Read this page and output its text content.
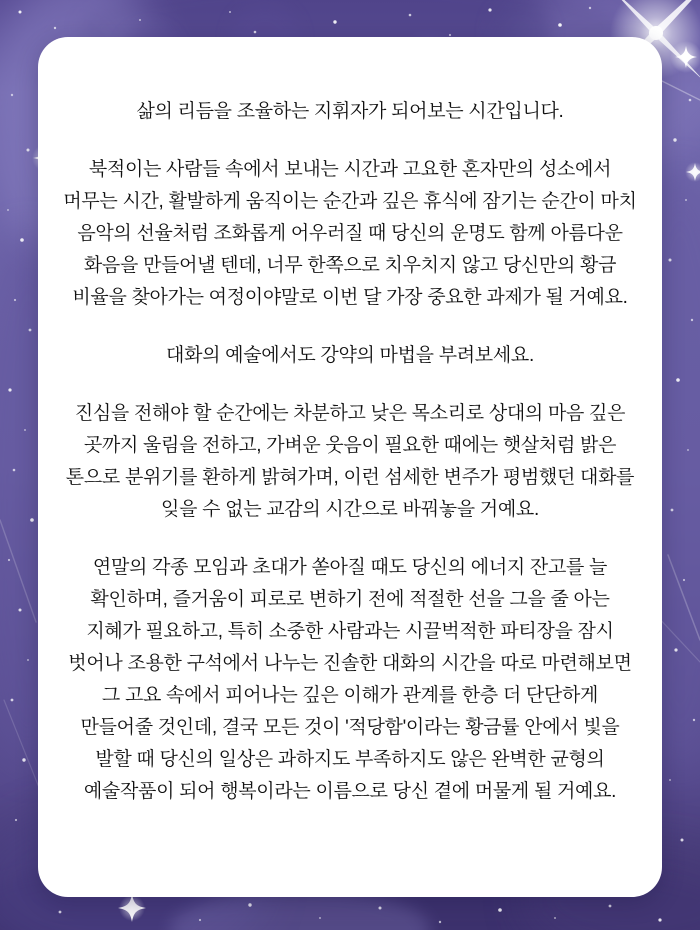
삶의 리듬을 조율하는 지휘자가 되어보는 시간입니다.

북적이는 사람들 속에서 보내는 시간과 고요한 혼자만의 성소에서
머무는 시간, 활발하게 움직이는 순간과 깊은 휴식에 잠기는 순간이 마치
음악의 선율처럼 조화롭게 어우러질 때 당신의 운명도 함께 아름다운
화음을 만들어낼 텐데, 너무 한쪽으로 치우치지 않고 당신만의 황금
비율을 찾아가는 여정이야말로 이번 달 가장 중요한 과제가 될 거예요.

대화의 예술에서도 강약의 마법을 부려보세요.

진심을 전해야 할 순간에는 차분하고 낮은 목소리로 상대의 마음 깊은
곳까지 울림을 전하고, 가벼운 웃음이 필요한 때에는 햇살처럼 밝은
톤으로 분위기를 환하게 밝혀가며, 이런 섬세한 변주가 평범했던 대화를
잊을 수 없는 교감의 시간으로 바꿔놓을 거예요.

연말의 각종 모임과 초대가 쏟아질 때도 당신의 에너지 잔고를 늘
확인하며, 즐거움이 피로로 변하기 전에 적절한 선을 그을 줄 아는
지혜가 필요하고, 특히 소중한 사람과는 시끌벅적한 파티장을 잠시
벗어나 조용한 구석에서 나누는 진솔한 대화의 시간을 따로 마련해보면
그 고요 속에서 피어나는 깊은 이해가 관계를 한층 더 단단하게
만들어줄 것인데, 결국 모든 것이 '적당함'이라는 황금률 안에서 빛을
발할 때 당신의 일상은 과하지도 부족하지도 않은 완벽한 균형의
예술작품이 되어 행복이라는 이름으로 당신 곁에 머물게 될 거예요.
